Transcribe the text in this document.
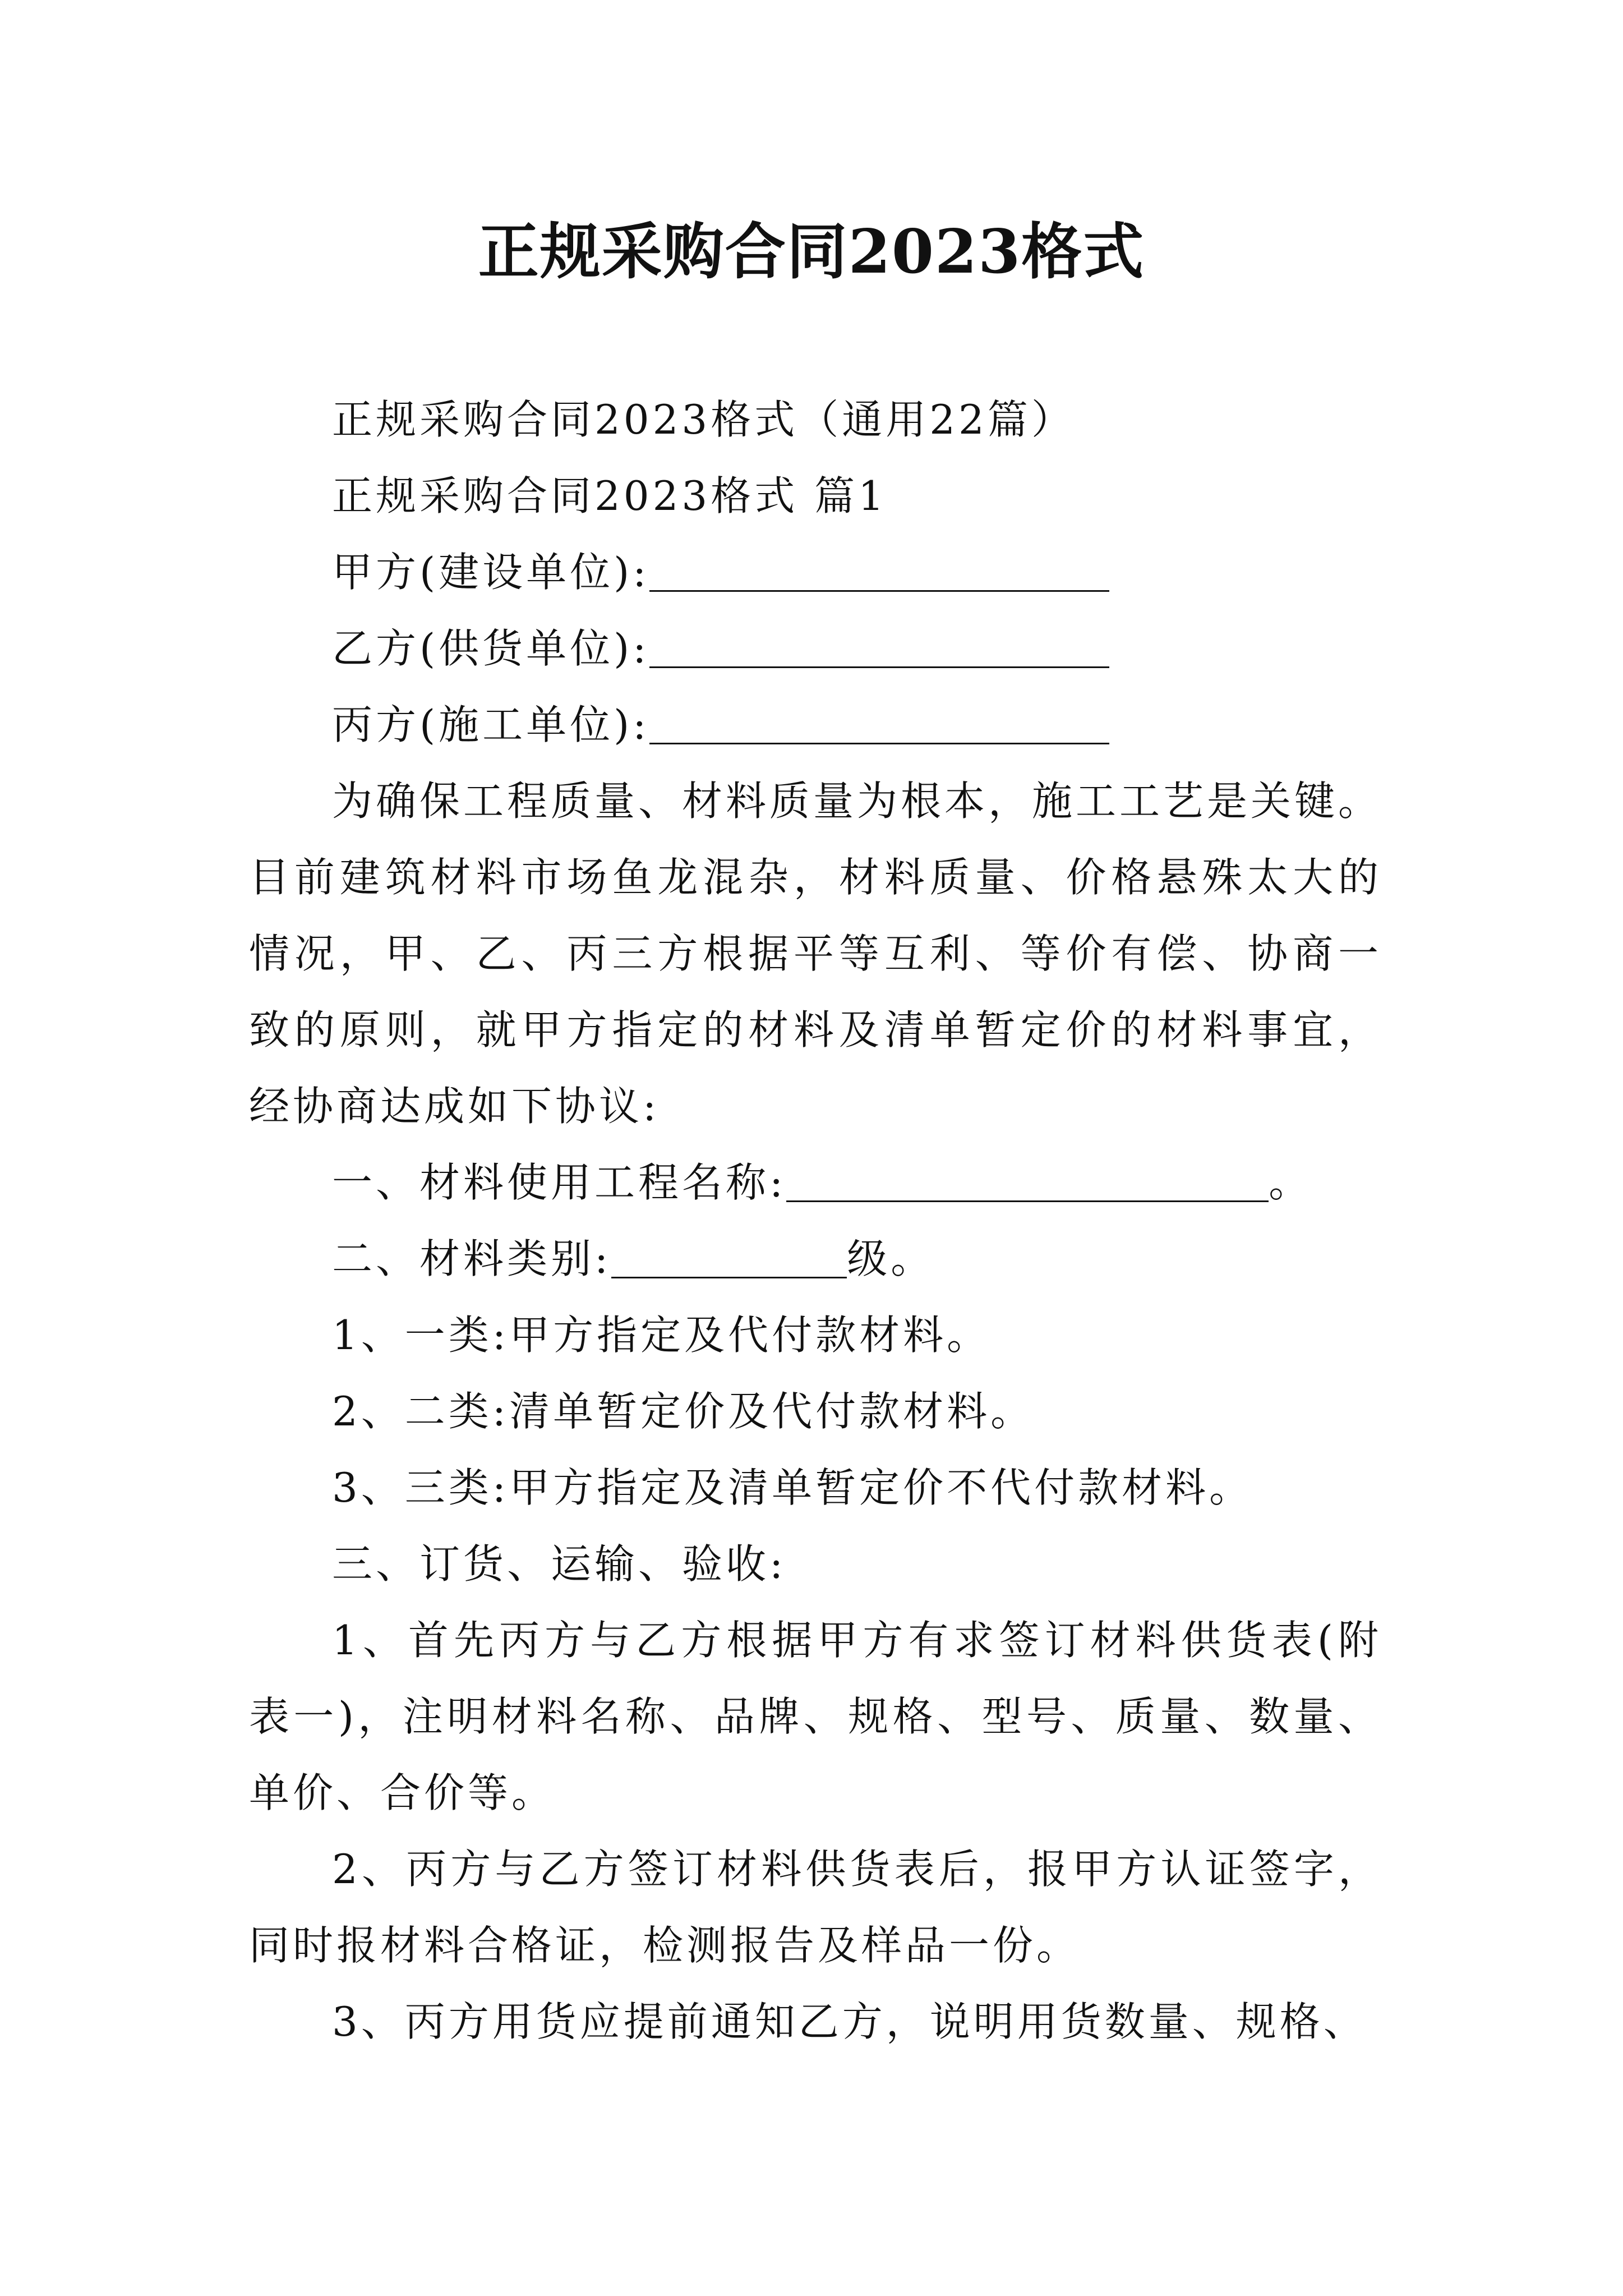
正规采购合同2023格式

正规采购合同2023格式（通用22篇）

正规采购合同2023格式 篇1

甲方(建设单位):

乙方(供货单位):

丙方(施工单位):

为确保工程质量、材料质量为根本，施工工艺是关键。目前建筑材料市场鱼龙混杂，材料质量、价格悬殊太大的情况，甲、乙、丙三方根据平等互利、等价有偿、协商一致的原则，就甲方指定的材料及清单暂定价的材料事宜，经协商达成如下协议:

一、材料使用工程名称:	。

二、材料类别:	级。

1、一类:甲方指定及代付款材料。

2、二类:清单暂定价及代付款材料。

3、三类:甲方指定及清单暂定价不代付款材料。

三、订货、运输、验收:

1、首先丙方与乙方根据甲方有求签订材料供货表(附表一)，注明材料名称、品牌、规格、型号、质量、数量、单价、合价等。

2、丙方与乙方签订材料供货表后，报甲方认证签字，同时报材料合格证，检测报告及样品一份。

3、丙方用货应提前通知乙方，说明用货数量、规格、
